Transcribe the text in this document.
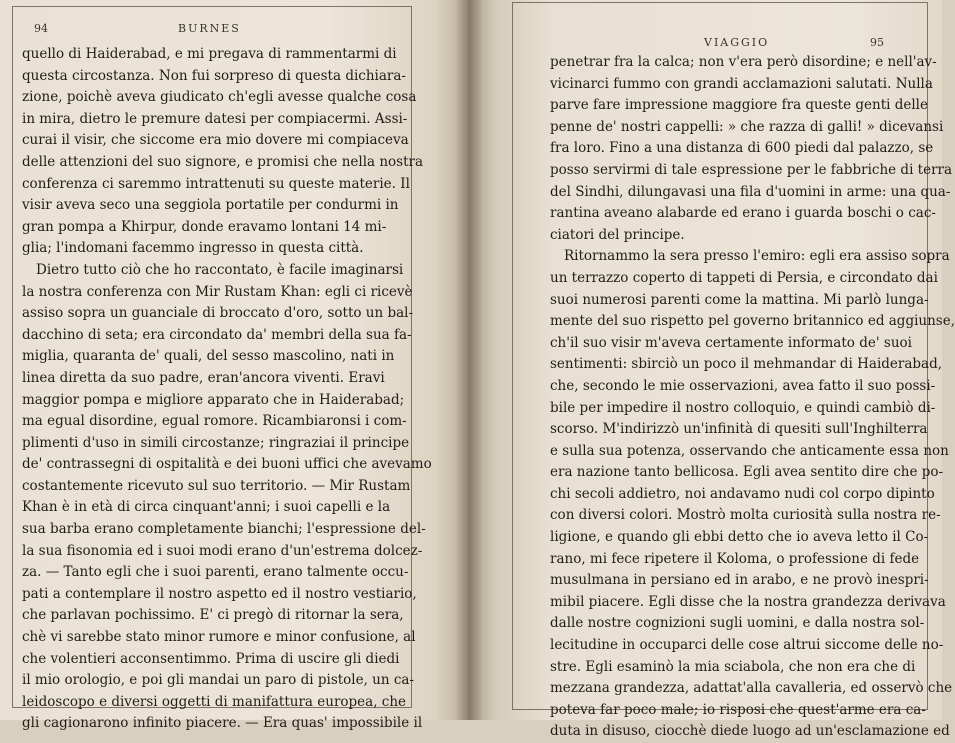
94	BURNES
quello di Haiderabad, e mi pregava di rammentarmi di
questa circostanza. Non fui sorpreso di questa dichiara-
zione, poichè aveva giudicato ch'egli avesse qualche cosa
in mira, dietro le premure datesi per compiacermi. Assi-
curai il visir, che siccome era mio dovere mi compiaceva
delle attenzioni del suo signore, e promisi che nella nostra
conferenza ci saremmo intrattenuti su queste materie. Il
visir aveva seco una seggiola portatile per condurmi in
gran pompa a Khirpur, donde eravamo lontani 14 mi-
glia; l'indomani facemmo ingresso in questa città.
Dietro tutto ciò che ho raccontato, è facile imaginarsi
la nostra conferenza con Mir Rustam Khan: egli ci ricevè
assiso sopra un guanciale di broccato d'oro, sotto un bal-
dacchino di seta; era circondato da' membri della sua fa-
miglia, quaranta de' quali, del sesso mascolino, nati in
linea diretta da suo padre, eran'ancora viventi. Eravi
maggior pompa e migliore apparato che in Haiderabad;
ma egual disordine, egual romore. Ricambiaronsi i com-
plimenti d'uso in simili circostanze; ringraziai il principe
de' contrassegni di ospitalità e dei buoni uffici che avevamo
costantemente ricevuto sul suo territorio. — Mir Rustam
Khan è in età di circa cinquant'anni; i suoi capelli e la
sua barba erano completamente bianchi; l'espressione del-
la sua fisonomia ed i suoi modi erano d'un'estrema dolcez-
za. — Tanto egli che i suoi parenti, erano talmente occu-
pati a contemplare il nostro aspetto ed il nostro vestiario,
che parlavan pochissimo. E' ci pregò di ritornar la sera,
chè vi sarebbe stato minor rumore e minor confusione, al
che volentieri acconsentimmo. Prima di uscire gli diedi
il mio orologio, e poi gli mandai un paro di pistole, un ca-
leidoscopo e diversi oggetti di manifattura europea, che
gli cagionarono infinito piacere. — Era quas' impossibile il
VIAGGIO	95
penetrar fra la calca; non v'era però disordine; e nell'av-
vicinarci fummo con grandi acclamazioni salutati. Nulla
parve fare impressione maggiore fra queste genti delle
penne de' nostri cappelli: » che razza di galli! » dicevansi
fra loro. Fino a una distanza di 600 piedi dal palazzo, se
posso servirmi di tale espressione per le fabbriche di terra
del Sindhi, dilungavasi una fila d'uomini in arme: una qua-
rantina aveano alabarde ed erano i guarda boschi o cac-
ciatori del principe.
Ritornammo la sera presso l'emiro: egli era assiso sopra
un terrazzo coperto di tappeti di Persia, e circondato dai
suoi numerosi parenti come la mattina. Mi parlò lunga-
mente del suo rispetto pel governo britannico ed aggiunse,
ch'il suo visir m'aveva certamente informato de' suoi
sentimenti: sbirciò un poco il mehmandar di Haiderabad,
che, secondo le mie osservazioni, avea fatto il suo possi-
bile per impedire il nostro colloquio, e quindi cambiò di-
scorso. M'indirizzò un'infinità di quesiti sull'Inghilterra
e sulla sua potenza, osservando che anticamente essa non
era nazione tanto bellicosa. Egli avea sentito dire che po-
chi secoli addietro, noi andavamo nudi col corpo dipinto
con diversi colori. Mostrò molta curiosità sulla nostra re-
ligione, e quando gli ebbi detto che io aveva letto il Co-
rano, mi fece ripetere il Koloma, o professione di fede
musulmana in persiano ed in arabo, e ne provò inespri-
mibil piacere. Egli disse che la nostra grandezza derivava
dalle nostre cognizioni sugli uomini, e dalla nostra sol-
lecitudine in occuparci delle cose altrui siccome delle no-
stre. Egli esaminò la mia sciabola, che non era che di
mezzana grandezza, adattat'alla cavalleria, ed osservò che
poteva far poco male; io risposi che quest'arme era ca-
duta in disuso, ciocchè diede luogo ad un'esclamazione ed
